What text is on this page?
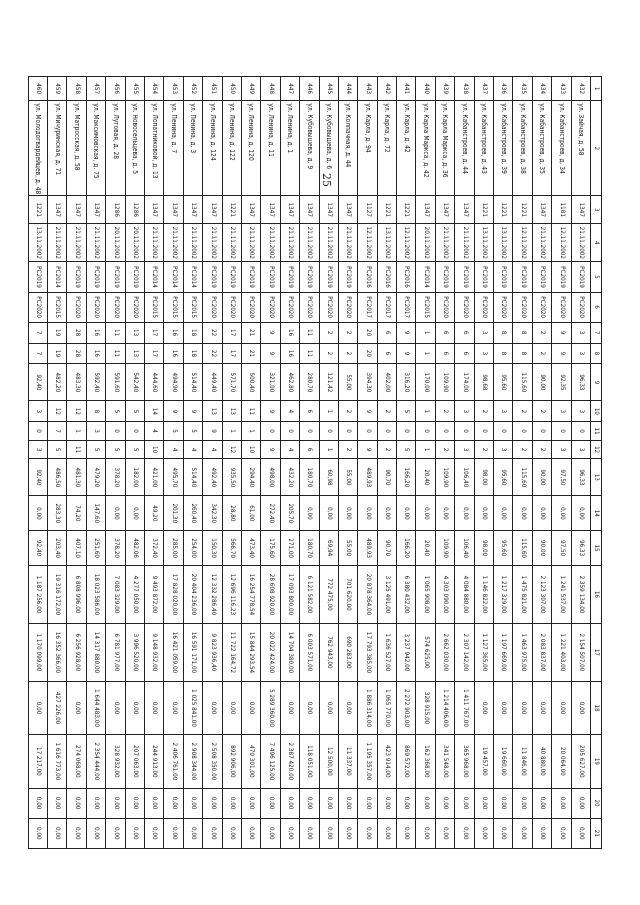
25
1	2	3	4	5	6	7	8	9	10	11	12	13	14	15	16	17	18	19	20	21
432	ул. Зайчая, д. 58	1347	21.11.2002	РС2019	РС2020	3	3	96,33	3	0	3	96,33	0,00	96,33	2 359 134,00	2 154 507,00	0,00	205 627,00	0,00	0,00
433	ул. Кабанстроев, д. 34	1181	12.11.2002	РС2019	РС2020	9	9	92,35	3	0	3	97,50	0,00	97,50	1 241 537,00	1 221 403,00	0,00	20 064,00	0,00	0,00
434	ул. Кабанстроев, д. 35	1347	21.11.2002	РС2019	РС2020	2	2	90,00	2	0	2	90,00	0,00	90,00	2 123 307,00	2 083 837,00	0,00	40 880,00	0,00	0,00
435	ул. Кабанстроев, д. 38	1221	12.11.2002	РС2019	РС2020	8	8	115,60	2	0	2	115,60	0,00	115,60	1 475 821,00	1 463 975,00	0,00	11 846,00	0,00	0,00
436	ул. Кабанстроев, д. 39	1221	13.11.2002	РС2019	РС2020	8	8	95,60	3	0	3	95,60	0,00	95,60	1 217 329,00	1 197 669,00	0,00	19 660,00	0,00	0,00
437	ул. Кабанстроев, д. 43	1221	13.11.2002	РС2019	РС2020	3	3	98,68	2	0	2	98,00	0,00	98,00	1 146 822,00	1 127 365,00	0,00	19 457,00	0,00	0,00
438	ул. Кабанстроев, д. 44	1347	21.11.2002	РС2019	РС2020	6	6	174,00	3	0	3	106,40	0,00	106,40	4 084 880,00	2 307 142,00	1 411 767,00	365 968,00	0,00	0,00
439	ул. Карла Маркса, д. 36	1347	21.11.2002	РС2019	РС2020	6	6	109,90	2	0	2	109,90	0,00	109,90	4 303 090,00	2 662 030,00	1 214 406,00	341 548,00	0,00	0,00
440	ул. Карла Маркса, д. 42	1347	20.11.2002	РС2014	РС2015	1	1	170,00	1	0	1	20,40	0,00	20,40	1 065 908,00	574 625,00	328 915,00	162 368,00	0,00	0,00
441	ул. Карла, д. 42	1221	12.11.2002	РС2016	РС2017	9	9	316,20	5	0	5	166,20	0,00	166,20	6 380 432,00	3 237 942,00	2 272 903,00	869 572,00	0,00	0,00
442	ул. Карла, д. 72	1221	13.11.2002	РС2016	РС2017	6	6	402,00	2	0	2	90,70	0,00	90,70	3 125 491,00	1 636 527,00	1 065 770,00	423 914,00	0,00	0,00
443	ул. Карла, д. 94	1127	12.11.2002	РС2016	РС2017	20	20	394,30	9	0	9	489,93	0,00	489,93	20 878 364,00	17 793 385,00	1 886 314,00	1 195 357,00	0,00	0,00
444	ул. Колпачная, д. 44	1347	21.11.2002	РС2019	РС2020	2	2	55,00	2	0	2	55,00	0,00	55,00	701 620,00	690 283,00	0,00	11 337,00	0,00	0,00
445	ул. Кубовышева, д. 6	1347	21.11.2002	РС2019	РС2020	2	2	121,42	1	0	1	60,98	0,00	69,94	772 475,00	762 943,00	0,00	12 500,00	0,00	0,00
446	ул. Кубовышева, д. 9	1347	21.11.2002	РС2019	РС2020	11	11	280,70	6	0	6	180,70	0,00	180,70	6 121 582,00	6 003 571,00	0,00	118 051,00	0,00	0,00
447	ул. Ленина, д. 1	1347	21.11.2002	РС2019	РС2020	16	16	462,80	4	0	4	432,20	205,70	271,00	17 093 800,00	14 704 380,00	0,00	2 387 420,00	0,00	0,00
448	ул. Ленина, д. 11	1347	21.11.2002	РС2019	РС2020	9	9	321,00	9	0	9	498,00	272,40	175,60	28 608 920,00	20 022 424,00	5 289 360,00	7 496 125,00	0,00	0,00
449	ул. Ленина, д. 120	1347	21.11.2002	РС2019	РС2020	21	21	500,40	11	1	10	294,40	61,00	473,40	16 254 778,54	15 844 293,54	0,00	470 301,00	0,00	0,00
450	ул. Ленина, д. 122	1221	21.11.2002	РС2019	РС2020	17	17	571,70	13	1	12	935,50	28,80	566,70	12 696 116,23	11 722 164,72	0,00	892 906,00	0,00	0,00
451	ул. Ленина, д. 124	1347	21.11.2002	РС2019	РС2020	22	22	449,40	13	9	4	492,40	342,30	150,30	12 332 286,40	9 823 936,40	0,00	2 508 350,00	0,00	0,00
452	ул. Пенина, д. 3	1347	21.11.2002	РС2014	РС2015	18	18	514,40	9	5	4	514,40	260,40	254,00	20 404 236,00	16 591 171,00	1 025 841,00	2 908 344,00	0,00	0,00
453	ул. Пенина, д. 7	1347	21.11.2002	РС2014	РС2015	16	16	494,90	9	5	4	495,70	201,30	285,00	17 828 020,00	16 421 059,00	0,00	2 406 761,00	0,00	0,00
454	ул. Лопатниковой, д. 13	1347	21.11.2002	РС2014	РС2015	17	17	444,60	14	4	10	421,00	49,20	372,40	9 493 872,00	9 148 932,00	0,00	244 913,00	0,00	0,00
455	ул. Новосельцева, д. 5	1286	20.11.2002	РС2019	РС2020	13	13	542,40	5	0	5	182,00	0,00	482,06	4 277 050,00	3 996 520,00	0,00	207 063,00	0,00	0,00
456	ул. Луговая, д. 28	1286	20.11.2002	РС2019	РС2020	11	11	591,60	5	0	5	378,20	0,00	378,20	7 083 329,00	6 781 977,00	0,00	328 932,00	0,00	0,00
457	ул. Максимовская, д. 75	1347	21.11.2002	РС2019	РС2020	16	16	592,40	8	3	5	479,20	147,60	251,60	18 023 586,00	14 317 880,00	1 644 483,00	2 354 444,00	0,00	0,00
458	ул. Матросская, д. 58	1347	21.11.2002	РС2019	РС2020	28	28	483,30	12	1	11	481,30	74,20	407,10	6 808 996,00	6 256 928,00	0,00	274 068,00	0,00	0,00
459	ул. Мичуринская, д. 71	1347	21.11.2002	РС2014	РС2015	19	19	482,20	12	7	5	486,50	283,30	203,40	19 316 172,00	16 352 366,00	427 226,00	1 616 773,00	0,00	0,00
460	ул. Молодогвардейцев, д. 48	1221	13.11.2002	РС2019	РС2020	7	7	92,40	3	0	3	92,40	0,00	92,40	1 187 256,00	1 170 099,00	0,00	17 217,00	0,00	0,00
